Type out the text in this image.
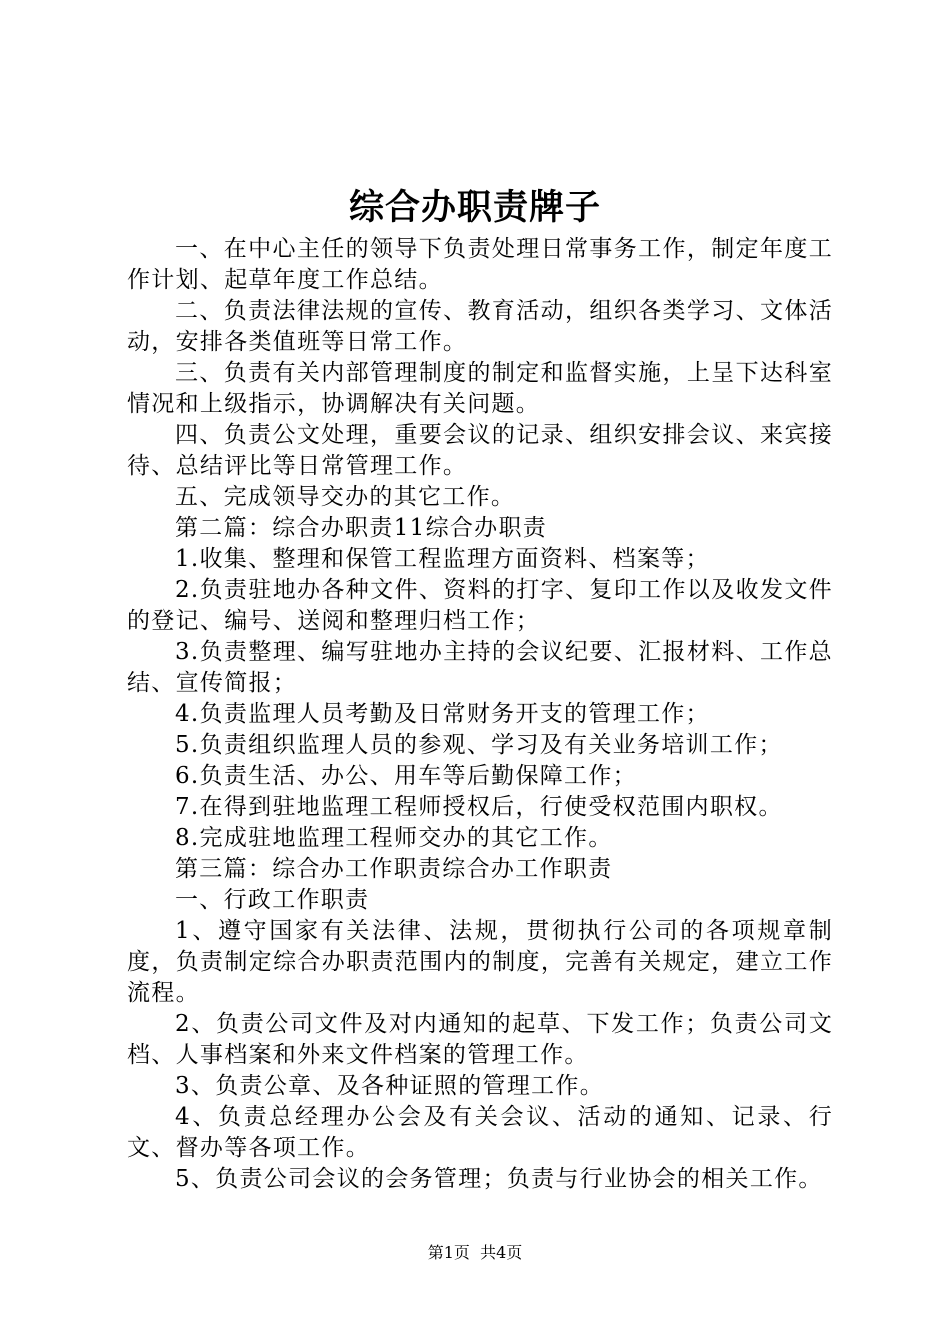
综合办职责牌子

一、在中心主任的领导下负责处理日常事务工作，制定年度工作计划、起草年度工作总结。

二、负责法律法规的宣传、教育活动，组织各类学习、文体活动，安排各类值班等日常工作。

三、负责有关内部管理制度的制定和监督实施，上呈下达科室情况和上级指示，协调解决有关问题。

四、负责公文处理，重要会议的记录、组织安排会议、来宾接待、总结评比等日常管理工作。

五、完成领导交办的其它工作。

第二篇：综合办职责11综合办职责

1.收集、整理和保管工程监理方面资料、档案等；

2.负责驻地办各种文件、资料的打字、复印工作以及收发文件的登记、编号、送阅和整理归档工作；

3.负责整理、编写驻地办主持的会议纪要、汇报材料、工作总结、宣传简报；

4.负责监理人员考勤及日常财务开支的管理工作；

5.负责组织监理人员的参观、学习及有关业务培训工作；

6.负责生活、办公、用车等后勤保障工作；

7.在得到驻地监理工程师授权后，行使受权范围内职权。

8.完成驻地监理工程师交办的其它工作。

第三篇：综合办工作职责综合办工作职责

一、行政工作职责

1、遵守国家有关法律、法规，贯彻执行公司的各项规章制度，负责制定综合办职责范围内的制度，完善有关规定，建立工作流程。

2、负责公司文件及对内通知的起草、下发工作；负责公司文档、人事档案和外来文件档案的管理工作。

3、负责公章、及各种证照的管理工作。

4、负责总经理办公会及有关会议、活动的通知、记录、行文、督办等各项工作。

5、负责公司会议的会务管理；负责与行业协会的相关工作。

第1页 共4页
